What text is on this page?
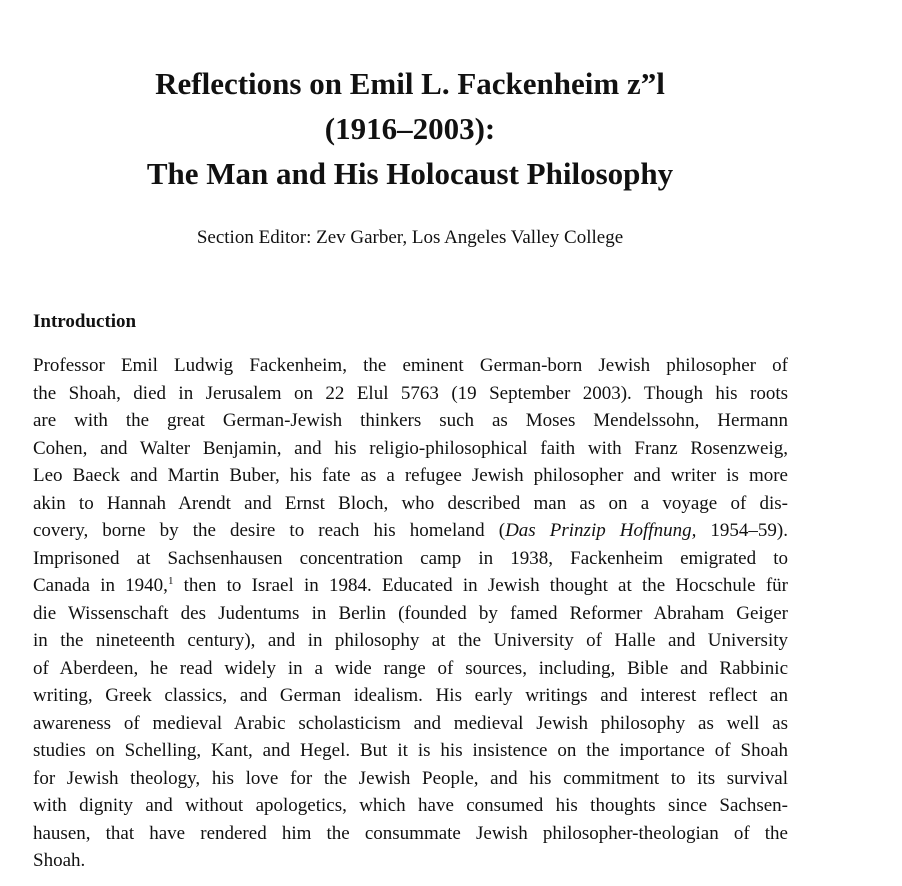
Reflections on Emil L. Fackenheim z”l
(1916–2003):
The Man and His Holocaust Philosophy
Section Editor: Zev Garber, Los Angeles Valley College
Introduction
Professor Emil Ludwig Fackenheim, the eminent German-born Jewish philosopher of
the Shoah, died in Jerusalem on 22 Elul 5763 (19 September 2003). Though his roots
are with the great German-Jewish thinkers such as Moses Mendelssohn, Hermann
Cohen, and Walter Benjamin, and his religio-philosophical faith with Franz Rosenzweig,
Leo Baeck and Martin Buber, his fate as a refugee Jewish philosopher and writer is more
akin to Hannah Arendt and Ernst Bloch, who described man as on a voyage of dis-
covery, borne by the desire to reach his homeland (Das Prinzip Hoffnung, 1954–59).
Imprisoned at Sachsenhausen concentration camp in 1938, Fackenheim emigrated to
Canada in 1940,$^1$ then to Israel in 1984. Educated in Jewish thought at the Hocschule für
die Wissenschaft des Judentums in Berlin (founded by famed Reformer Abraham Geiger
in the nineteenth century), and in philosophy at the University of Halle and University
of Aberdeen, he read widely in a wide range of sources, including, Bible and Rabbinic
writing, Greek classics, and German idealism. His early writings and interest reflect an
awareness of medieval Arabic scholasticism and medieval Jewish philosophy as well as
studies on Schelling, Kant, and Hegel. But it is his insistence on the importance of Shoah
for Jewish theology, his love for the Jewish People, and his commitment to its survival
with dignity and without apologetics, which have consumed his thoughts since Sachsen-
hausen, that have rendered him the consummate Jewish philosopher-theologian of the
Shoah.
